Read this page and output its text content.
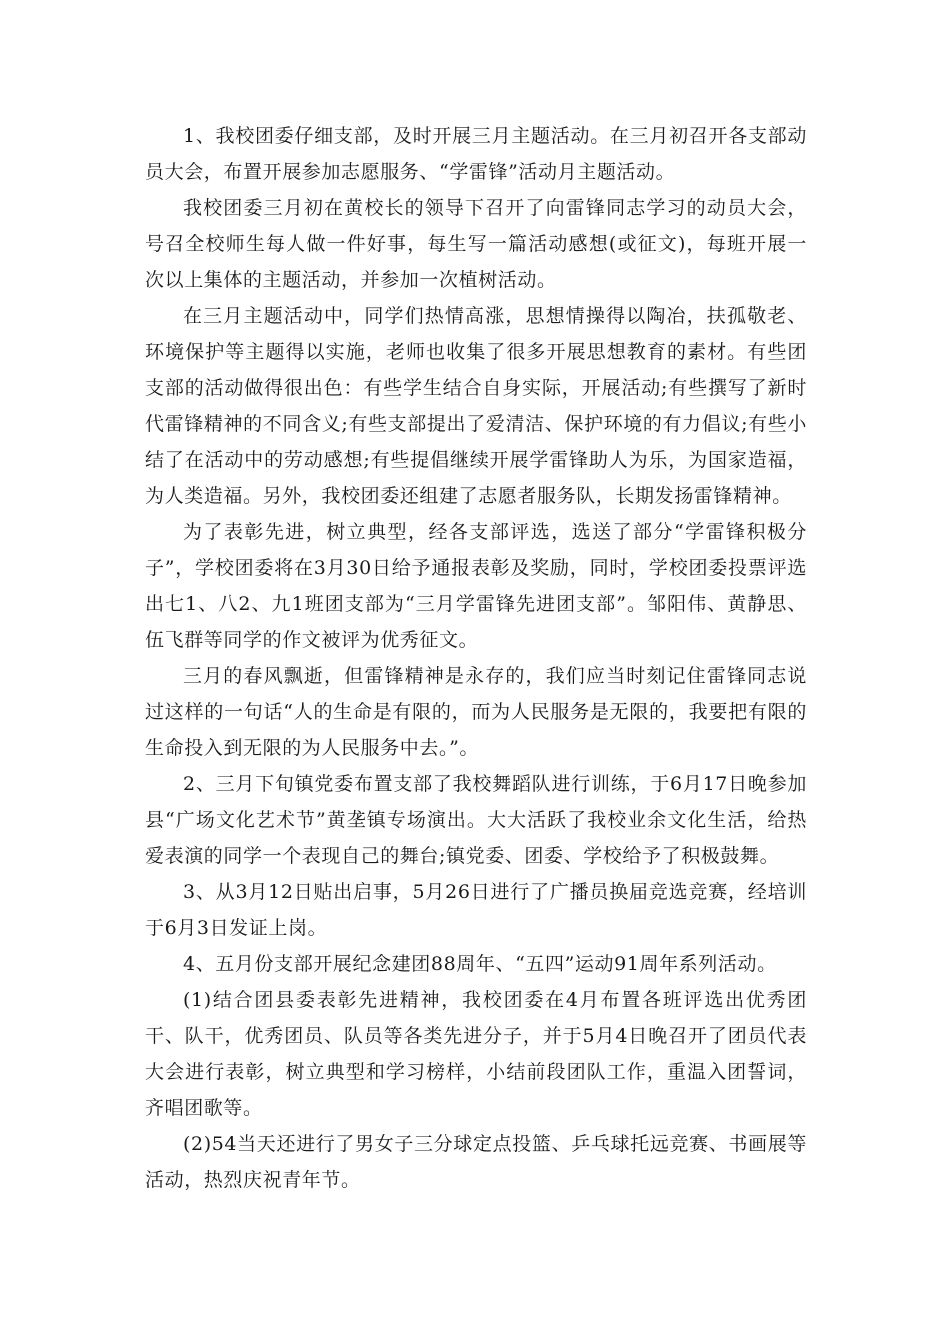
1、我校团委仔细支部，及时开展三月主题活动。在三月初召开各支部动员大会，布置开展参加志愿服务、“学雷锋”活动月主题活动。

我校团委三月初在黄校长的领导下召开了向雷锋同志学习的动员大会，号召全校师生每人做一件好事，每生写一篇活动感想(或征文)，每班开展一次以上集体的主题活动，并参加一次植树活动。

在三月主题活动中，同学们热情高涨，思想情操得以陶冶，扶孤敬老、环境保护等主题得以实施，老师也收集了很多开展思想教育的素材。有些团支部的活动做得很出色：有些学生结合自身实际，开展活动;有些撰写了新时代雷锋精神的不同含义;有些支部提出了爱清洁、保护环境的有力倡议;有些小结了在活动中的劳动感想;有些提倡继续开展学雷锋助人为乐，为国家造福，为人类造福。另外，我校团委还组建了志愿者服务队，长期发扬雷锋精神。

为了表彰先进，树立典型，经各支部评选，选送了部分“学雷锋积极分子”，学校团委将在3月30日给予通报表彰及奖励，同时，学校团委投票评选出七1、八2、九1班团支部为“三月学雷锋先进团支部”。邹阳伟、黄静思、伍飞群等同学的作文被评为优秀征文。

三月的春风飘逝，但雷锋精神是永存的，我们应当时刻记住雷锋同志说过这样的一句话“人的生命是有限的，而为人民服务是无限的，我要把有限的生命投入到无限的为人民服务中去。”。

2、三月下旬镇党委布置支部了我校舞蹈队进行训练，于6月17日晚参加县“广场文化艺术节”黄垄镇专场演出。大大活跃了我校业余文化生活，给热爱表演的同学一个表现自己的舞台;镇党委、团委、学校给予了积极鼓舞。

3、从3月12日贴出启事，5月26日进行了广播员换届竞选竞赛，经培训于6月3日发证上岗。

4、五月份支部开展纪念建团88周年、“五四”运动91周年系列活动。

(1)结合团县委表彰先进精神，我校团委在4月布置各班评选出优秀团干、队干，优秀团员、队员等各类先进分子，并于5月4日晚召开了团员代表大会进行表彰，树立典型和学习榜样，小结前段团队工作，重温入团誓词，齐唱团歌等。

(2)54当天还进行了男女子三分球定点投篮、乒乓球托远竞赛、书画展等活动，热烈庆祝青年节。
